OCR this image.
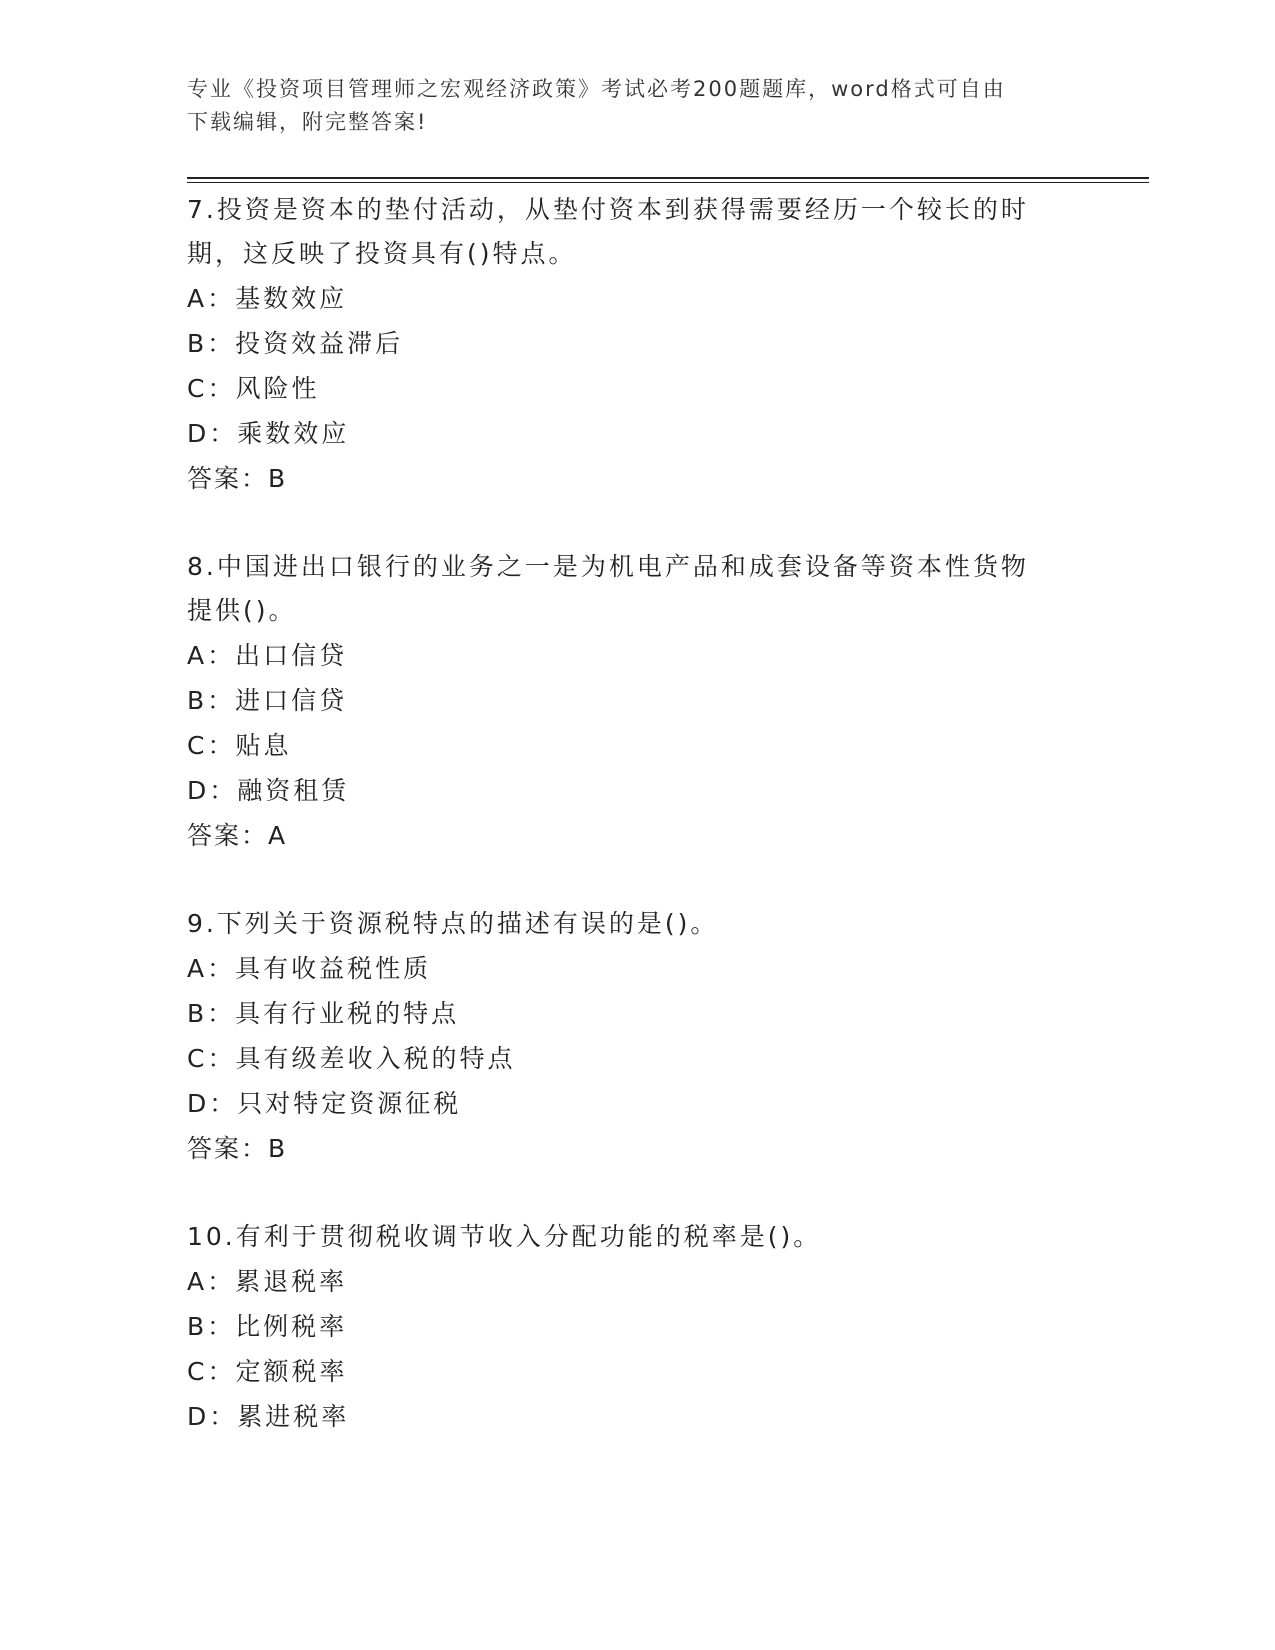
专业《投资项目管理师之宏观经济政策》考试必考200题题库，word格式可自由
下载编辑，附完整答案!

7.投资是资本的垫付活动，从垫付资本到获得需要经历一个较长的时
期，这反映了投资具有()特点。

A：基数效应

B：投资效益滞后

C：风险性

D：乘数效应

答案：B

8.中国进出口银行的业务之一是为机电产品和成套设备等资本性货物
提供()。

A：出口信贷

B：进口信贷

C：贴息

D：融资租赁

答案：A

9.下列关于资源税特点的描述有误的是()。

A：具有收益税性质

B：具有行业税的特点

C：具有级差收入税的特点

D：只对特定资源征税

答案：B

10.有利于贯彻税收调节收入分配功能的税率是()。

A：累退税率

B：比例税率

C：定额税率

D：累进税率
